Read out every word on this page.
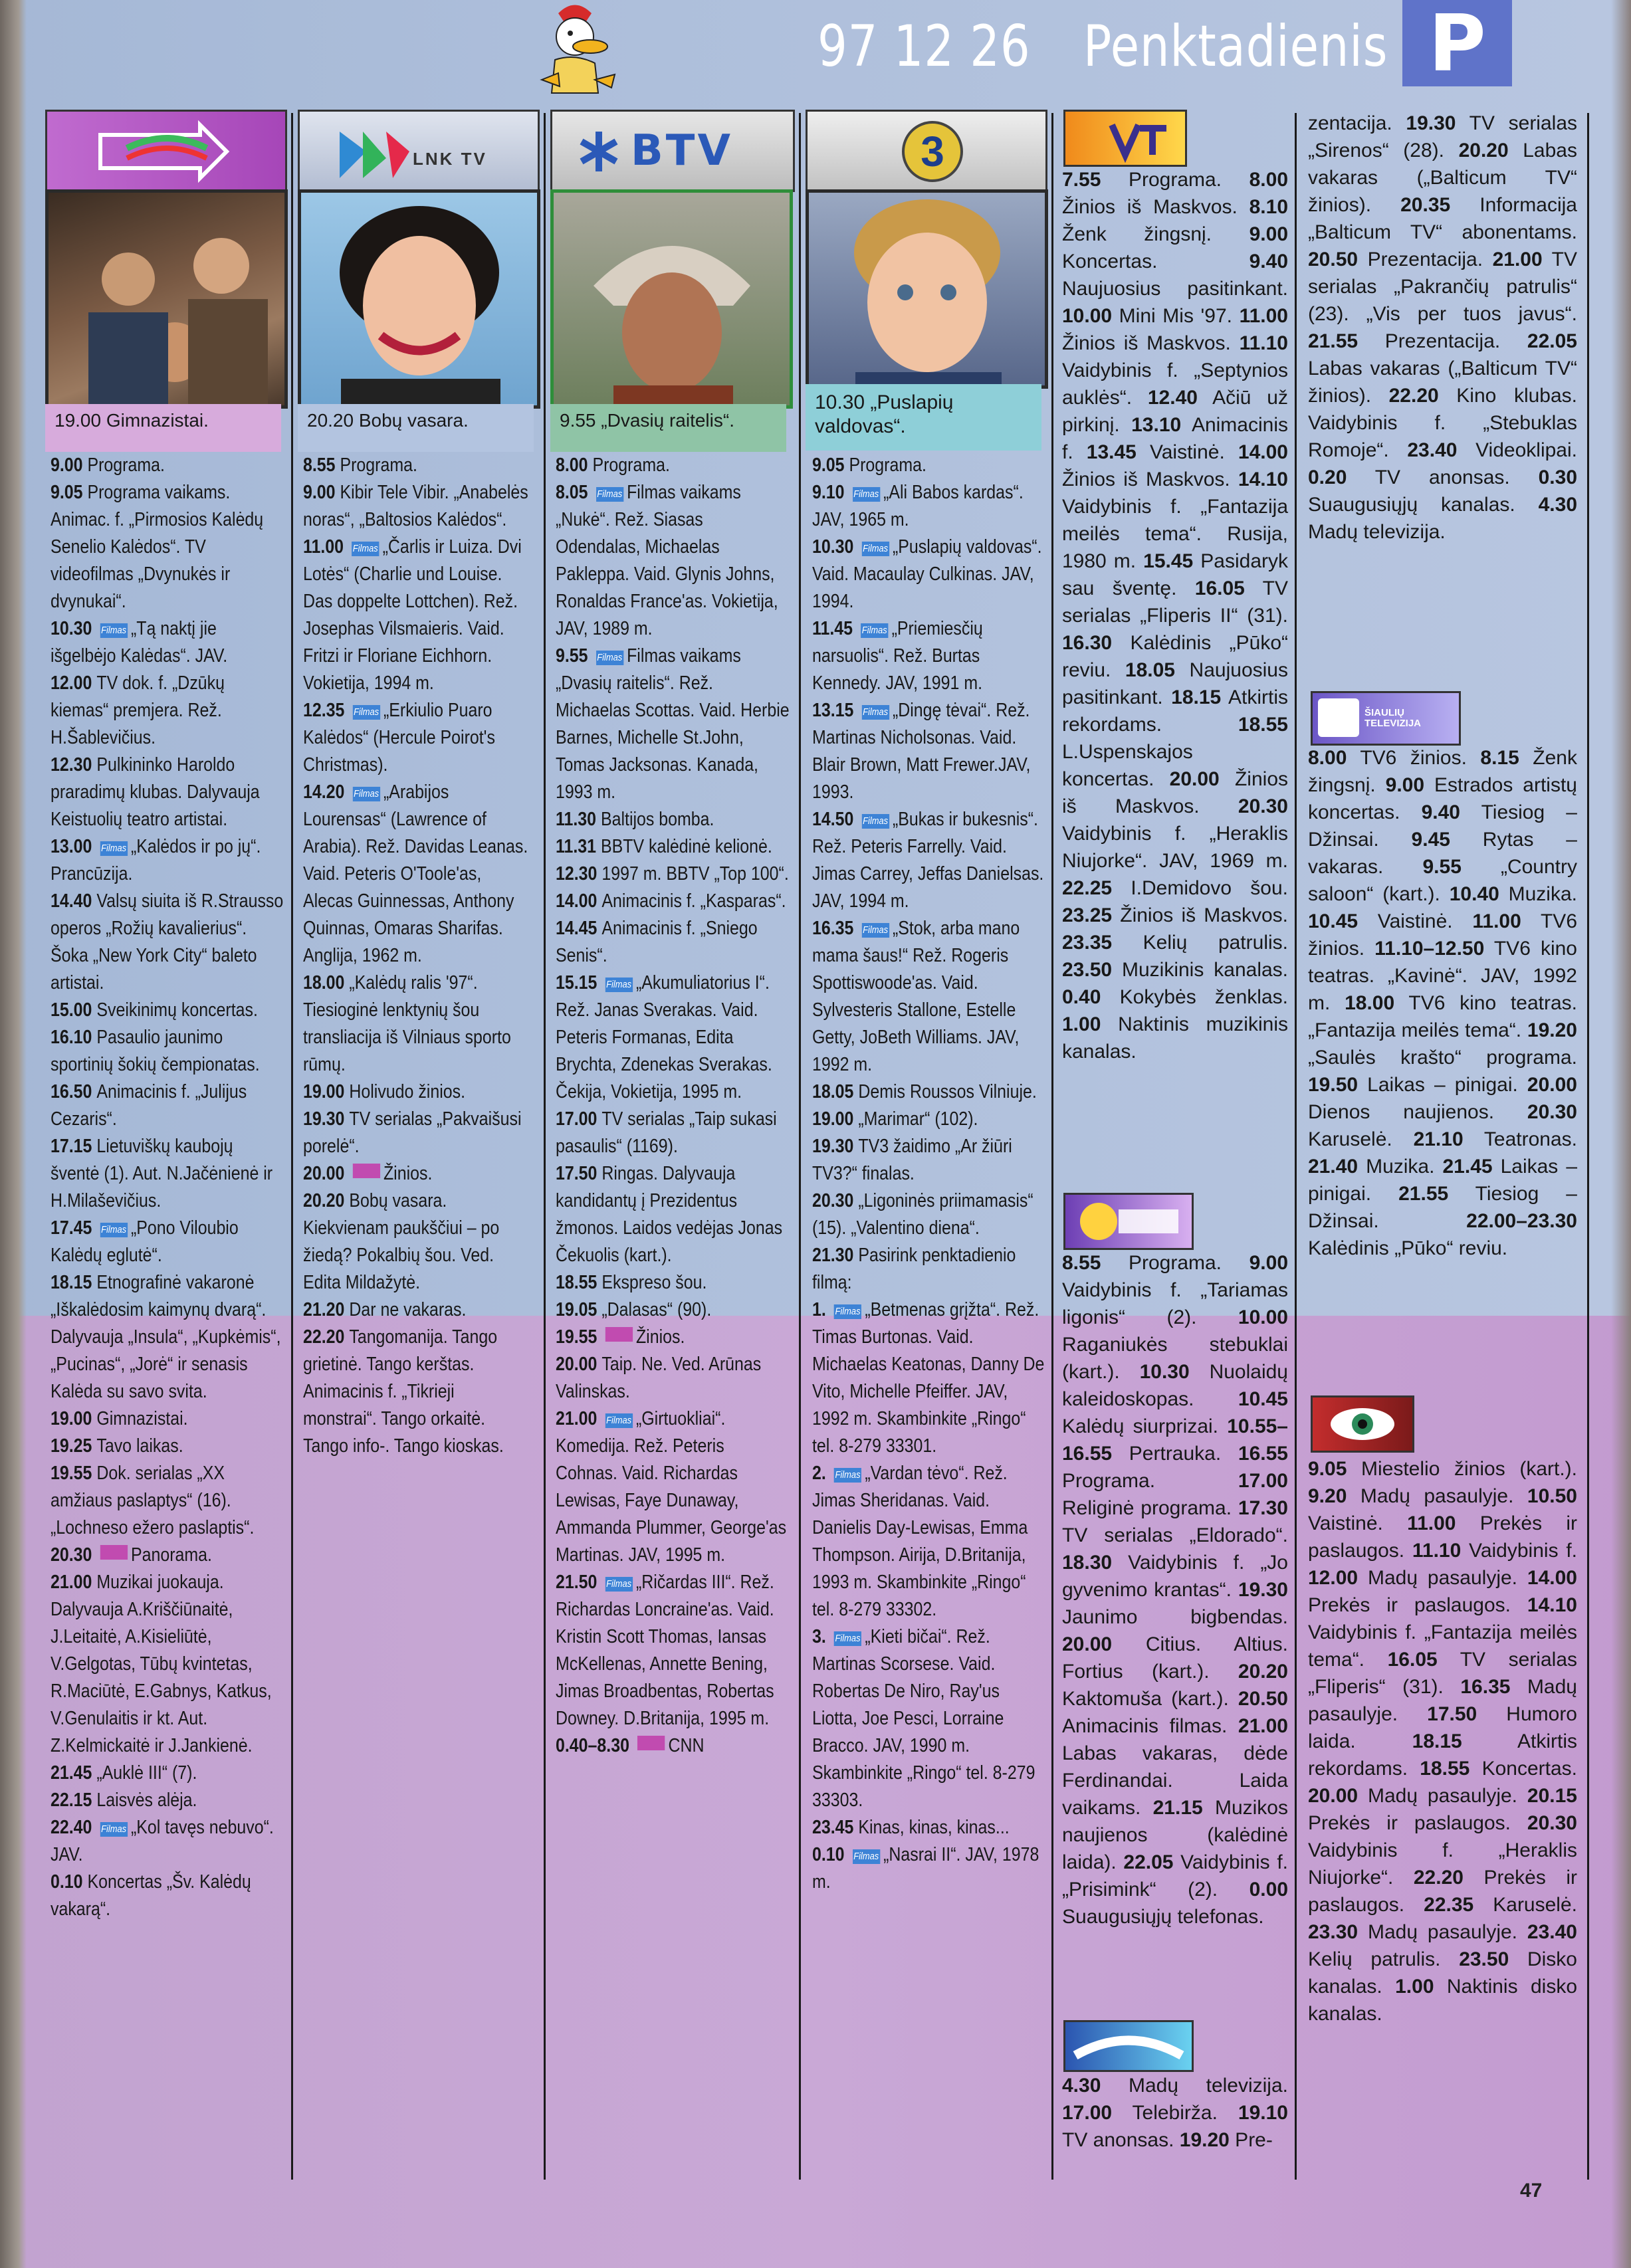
97 12 26 Penktadienis P
19.00 Gimnazistai.

9.00 Programa.

9.05 Programa vaikams. Animac. f. „Pirmosios Kalėdų Senelio Kalėdos“. TV videofilmas „Dvynukės ir dvynukai“.

10.30 Filmas „Tą naktį jie išgelbėjo Kalėdas“. JAV.

12.00 TV dok. f. „Dzūkų kiemas“ premjera. Rež. H.Šablevičius.

12.30 Pulkininko Haroldo praradimų klubas. Dalyvauja Keistuolių teatro artistai.

13.00 Filmas „Kalėdos ir po jų“. Prancūzija.

14.40 Valsų siuita iš R.Strausso operos „Rožių kavalierius“. Šoka „New York City“ baleto artistai.

15.00 Sveikinimų koncertas.

16.10 Pasaulio jaunimo sportinių šokių čempionatas.

16.50 Animacinis f. „Julijus Cezaris“.

17.15 Lietuviškų kaubojų šventė (1). Aut. N.Jačėnienė ir H.Milaševičius.

17.45 Filmas „Pono Viloubio Kalėdų eglutė“.

18.15 Etnografinė vakaronė „Iškalėdosim kaimynų dvarą“. Dalyvauja „Insula“, „Kupkėmis“, „Pucinas“, „Jorė“ ir senasis Kalėda su savo svita.

19.00 Gimnazistai.

19.25 Tavo laikas.

19.55 Dok. serialas „XX amžiaus paslaptys“ (16). „Lochneso ežero paslaptis“.

20.30 Panorama.

21.00 Muzikai juokauja. Dalyvauja A.Kriščiūnaitė, J.Leitaitė, A.Kisieliūtė, V.Gelgotas, Tūbų kvintetas, R.Maciūtė, E.Gabnys, Katkus, V.Genulaitis ir kt. Aut. Z.Kelmickaitė ir J.Jankienė.

21.45 „Auklė III“ (7).

22.15 Laisvės alėja.

22.40 Filmas „Kol tavęs nebuvo“. JAV.

0.10 Koncertas „Šv. Kalėdų vakarą“.

LNK TV
20.20 Bobų vasara.

8.55 Programa.

9.00 Kibir Tele Vibir. „Anabelės noras“, „Baltosios Kalėdos“.

11.00 Filmas „Čarlis ir Luiza. Dvi Lotės“ (Charlie und Louise. Das doppelte Lottchen). Rež. Josephas Vilsmaieris. Vaid. Fritzi ir Floriane Eichhorn. Vokietija, 1994 m.

12.35 Filmas „Erkiulio Puaro Kalėdos“ (Hercule Poirot's Christmas).

14.20 Filmas „Arabijos Lourensas“ (Lawrence of Arabia). Rež. Davidas Leanas. Vaid. Peteris O'Toole'as, Alecas Guinnessas, Anthony Quinnas, Omaras Sharifas. Anglija, 1962 m.

18.00 „Kalėdų ralis '97“. Tiesioginė lenktynių šou transliacija iš Vilniaus sporto rūmų.

19.00 Holivudo žinios.

19.30 TV serialas „Pakvaišusi porelė“.

20.00 Žinios.

20.20 Bobų vasara. Kiekvienam paukščiui – po žiedą? Pokalbių šou. Ved. Edita Mildažytė.

21.20 Dar ne vakaras.

22.20 Tangomanija. Tango grietinė. Tango kerštas. Animacinis f. „Tikrieji monstrai“. Tango orkaitė. Tango info-. Tango kioskas.

BTV
9.55 „Dvasių raitelis“.

8.00 Programa.

8.05 Filmas Filmas vaikams „Nukė“. Rež. Siasas Odendalas, Michaelas Pakleppa. Vaid. Glynis Johns, Ronaldas France'as. Vokietija, JAV, 1989 m.

9.55 Filmas Filmas vaikams „Dvasių raitelis“. Rež. Michaelas Scottas. Vaid. Herbie Barnes, Michelle St.John, Tomas Jacksonas. Kanada, 1993 m.

11.30 Baltijos bomba.

11.31 BBTV kalėdinė kelionė.

12.30 1997 m. BBTV „Top 100“.

14.00 Animacinis f. „Kasparas“.

14.45 Animacinis f. „Sniego Senis“.

15.15 Filmas „Akumuliatorius I“. Rež. Janas Sverakas. Vaid. Peteris Formanas, Edita Brychta, Zdenekas Sverakas. Čekija, Vokietija, 1995 m.

17.00 TV serialas „Taip sukasi pasaulis“ (1169).

17.50 Ringas. Dalyvauja kandidantų į Prezidentus žmonos. Laidos vedėjas Jonas Čekuolis (kart.).

18.55 Ekspreso šou.

19.05 „Dalasas“ (90).

19.55 Žinios.

20.00 Taip. Ne. Ved. Arūnas Valinskas.

21.00 Filmas „Girtuokliai“. Komedija. Rež. Peteris Cohnas. Vaid. Richardas Lewisas, Faye Dunaway, Ammanda Plummer, George'as Martinas. JAV, 1995 m.

21.50 Filmas „Ričardas III“. Rež. Richardas Loncraine'as. Vaid. Kristin Scott Thomas, Iansas McKellenas, Annette Bening, Jimas Broadbentas, Robertas Downey. D.Britanija, 1995 m.

0.40–8.30 CNN

3
10.30 „Puslapių valdovas“.

9.05 Programa.

9.10 Filmas „Ali Babos kardas“. JAV, 1965 m.

10.30 Filmas „Puslapių valdovas“. Vaid. Macaulay Culkinas. JAV, 1994.

11.45 Filmas „Priemiesčių narsuolis“. Rež. Burtas Kennedy. JAV, 1991 m.

13.15 Filmas „Dingę tėvai“. Rež. Martinas Nicholsonas. Vaid. Blair Brown, Matt Frewer.JAV, 1993.

14.50 Filmas „Bukas ir bukesnis“. Rež. Peteris Farrelly. Vaid. Jimas Carrey, Jeffas Danielsas. JAV, 1994 m.

16.35 Filmas „Stok, arba mano mama šaus!“ Rež. Rogeris Spottiswoode'as. Vaid. Sylvesteris Stallone, Estelle Getty, JoBeth Williams. JAV, 1992 m.

18.05 Demis Roussos Vilniuje.

19.00 „Marimar“ (102).

19.30 TV3 žaidimo „Ar žiūri TV3?“ finalas.

20.30 „Ligoninės priimamasis“ (15). „Valentino diena“.

21.30 Pasirink penktadienio filmą:

1. Filmas „Betmenas grįžta“. Rež. Timas Burtonas. Vaid. Michaelas Keatonas, Danny De Vito, Michelle Pfeiffer. JAV, 1992 m. Skambinkite „Ringo“ tel. 8-279 33301.

2. Filmas „Vardan tėvo“. Rež. Jimas Sheridanas. Vaid. Danielis Day-Lewisas, Emma Thompson. Airija, D.Britanija, 1993 m. Skambinkite „Ringo“ tel. 8-279 33302.

3. Filmas „Kieti bičai“. Rež. Martinas Scorsese. Vaid. Robertas De Niro, Ray'us Liotta, Joe Pesci, Lorraine Bracco. JAV, 1990 m. Skambinkite „Ringo“ tel. 8-279 33303.

23.45 Kinas, kinas, kinas...

0.10 Filmas „Nasrai II“. JAV, 1978 m.

7.55 Programa. 8.00 Žinios iš Maskvos. 8.10 Ženk žingsnį. 9.00 Koncertas. 9.40 Naujuosius pasitinkant. 10.00 Mini Mis '97. 11.00 Žinios iš Maskvos. 11.10 Vaidybinis f. „Septynios auklės“. 12.40 Ačiū už pirkinį. 13.10 Animacinis f. 13.45 Vaistinė. 14.00 Žinios iš Maskvos. 14.10 Vaidybinis f. „Fantazija meilės tema“. Rusija, 1980 m. 15.45 Pasidaryk sau šventę. 16.05 TV serialas „Fliperis II“ (31). 16.30 Kalėdinis „Pūko“ reviu. 18.05 Naujuosius pasitinkant. 18.15 Atkirtis rekordams. 18.55 L.Uspenskajos koncertas. 20.00 Žinios iš Maskvos. 20.30 Vaidybinis f. „Heraklis Niujorke“. JAV, 1969 m. 22.25 I.Demidovo šou. 23.25 Žinios iš Maskvos. 23.35 Kelių patrulis. 23.50 Muzikinis kanalas. 0.40 Kokybės ženklas. 1.00 Naktinis muzikinis kanalas.
8.55 Programa. 9.00 Vaidybinis f. „Tariamas ligonis“ (2). 10.00 Raganiukės stebuklai (kart.). 10.30 Nuolaidų kaleidoskopas. 10.45 Kalėdų siurprizai. 10.55–16.55 Pertrauka. 16.55 Programa. 17.00 Religinė programa. 17.30 TV serialas „Eldorado“. 18.30 Vaidybinis f. „Jo gyvenimo krantas“. 19.30 Jaunimo bigbendas. 20.00 Citius. Altius. Fortius (kart.). 20.20 Kaktomuša (kart.). 20.50 Animacinis filmas. 21.00 Labas vakaras, dėde Ferdinandai. Laida vaikams. 21.15 Muzikos naujienos (kalėdinė laida). 22.05 Vaidybinis f. „Prisimink“ (2). 0.00 Suaugusiųjų telefonas.
4.30 Madų televizija. 17.00 Telebirža. 19.10 TV anonsas. 19.20 Pre-
zentacija. 19.30 TV serialas „Sirenos“ (28). 20.20 Labas vakaras („Balticum TV“ žinios). 20.35 Informacija „Balticum TV“ abonentams. 20.50 Prezentacija. 21.00 TV serialas „Pakrančių patrulis“ (23). „Vis per tuos javus“. 21.55 Prezentacija. 22.05 Labas vakaras („Balticum TV“ žinios). 22.20 Kino klubas. Vaidybinis f. „Stebuklas Romoje“. 23.40 Videoklipai. 0.20 TV anonsas. 0.30 Suaugusiųjų kanalas. 4.30 Madų televizija.
ŠIAULIŲ TELEVIZIJA
8.00 TV6 žinios. 8.15 Ženk žingsnį. 9.00 Estrados artistų koncertas. 9.40 Tiesiog – Džinsai. 9.45 Rytas – vakaras. 9.55 „Country saloon“ (kart.). 10.40 Muzika. 10.45 Vaistinė. 11.00 TV6 žinios. 11.10–12.50 TV6 kino teatras. „Kavinė“. JAV, 1992 m. 18.00 TV6 kino teatras. „Fantazija meilės tema“. 19.20 „Saulės krašto“ programa. 19.50 Laikas – pinigai. 20.00 Dienos naujienos. 20.30 Karuselė. 21.10 Teatronas. 21.40 Muzika. 21.45 Laikas – pinigai. 21.55 Tiesiog – Džinsai. 22.00–23.30 Kalėdinis „Pūko“ reviu.
9.05 Miestelio žinios (kart.). 9.20 Madų pasaulyje. 10.50 Vaistinė. 11.00 Prekės ir paslaugos. 11.10 Vaidybinis f. 12.00 Madų pasaulyje. 14.00 Prekės ir paslaugos. 14.10 Vaidybinis f. „Fantazija meilės tema“. 16.05 TV serialas „Fliperis“ (31). 16.35 Madų pasaulyje. 17.50 Humoro laida. 18.15 Atkirtis rekordams. 18.55 Koncertas. 20.00 Madų pasaulyje. 20.15 Prekės ir paslaugos. 20.30 Vaidybinis f. „Heraklis Niujorke“. 22.20 Prekės ir paslaugos. 22.35 Karuselė. 23.30 Madų pasaulyje. 23.40 Kelių patrulis. 23.50 Disko kanalas. 1.00 Naktinis disko kanalas.
47
